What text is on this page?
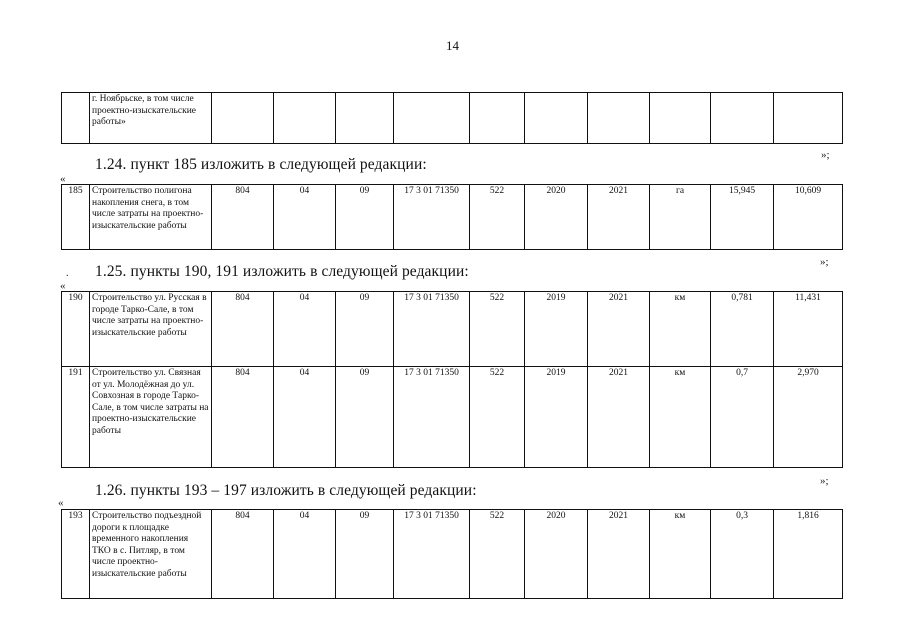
14
	г. Ноябрьске, в том числе проектно-изыскательские работы»										
1.24. пункт 185 изложить в следующей редакции:
»;
«
185	Строительство полигона накопления снега, в том числе затраты на проектно-изыскательские работы	804	04	09	17 3 01 71350	522	2020	2021	га	15,945	10,609
. 1.25. пункты 190, 191 изложить в следующей редакции:
»;
«
190	Строительство ул. Русская в городе Тарко-Сале, в том числе затраты на проектно-изыскательские работы	804	04	09	17 3 01 71350	522	2019	2021	км	0,781	11,431
191	Строительство ул. Связная от ул. Молодёжная до ул. Совхозная в городе Тарко-Сале, в том числе затраты на проектно-изыскательские работы	804	04	09	17 3 01 71350	522	2019	2021	км	0,7	2,970
1.26. пункты 193 – 197 изложить в следующей редакции:
»;
«
193	Строительство подъездной дороги к площадке временного накопления ТКО в с. Питляр, в том числе проектно-изыскательские работы	804	04	09	17 3 01 71350	522	2020	2021	км	0,3	1,816
